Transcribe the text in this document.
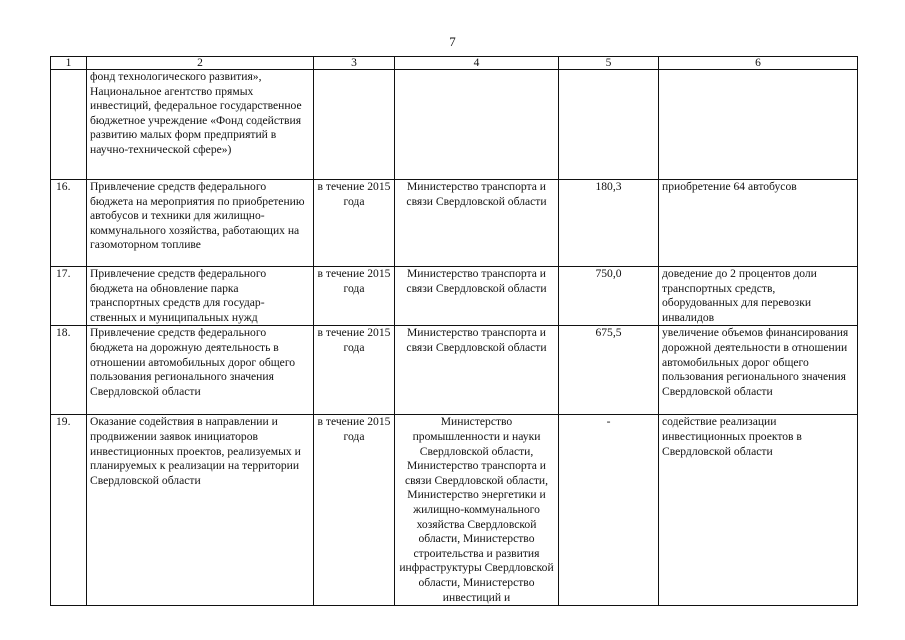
7
1	2	3	4	5	6
	фонд технологического развития», Национальное агентство прямых инвестиций, федеральное государственное бюджетное учреждение «Фонд содействия развитию малых форм предприятий в научно-технической сфере»)				
16.	Привлечение средств федерального бюджета на мероприятия по приобретению автобусов и техники для жилищно-коммунального хозяйства, работающих на газомоторном топливе	в течение 2015 года	Министерство транспорта и связи Свердловской области	180,3	приобретение 64 автобусов
17.	Привлечение средств федерального бюджета на обновление парка транспортных средств для государ-ственных и муниципальных нужд	в течение 2015 года	Министерство транспорта и связи Свердловской области	750,0	доведение до 2 процентов доли транспортных средств, оборудованных для перевозки инвалидов
18.	Привлечение средств федерального бюджета на дорожную деятельность в отношении автомобильных дорог общего пользования регионального значения Свердловской области	в течение 2015 года	Министерство транспорта и связи Свердловской области	675,5	увеличение объемов финансирования дорожной деятельности в отношении автомобильных дорог общего пользования регионального значения Свердловской области
19.	Оказание содействия в направлении и продвижении заявок инициаторов инвестиционных проектов, реализуемых и планируемых к реализации на территории Свердловской области	в течение 2015 года	Министерство промышленности и науки Свердловской области, Министерство транспорта и связи Свердловской области, Министерство энергетики и жилищно-коммунального хозяйства Свердловской области, Министерство строительства и развития инфраструктуры Свердловской области, Министерство инвестиций и	-	содействие реализации инвестиционных проектов в Свердловской области
